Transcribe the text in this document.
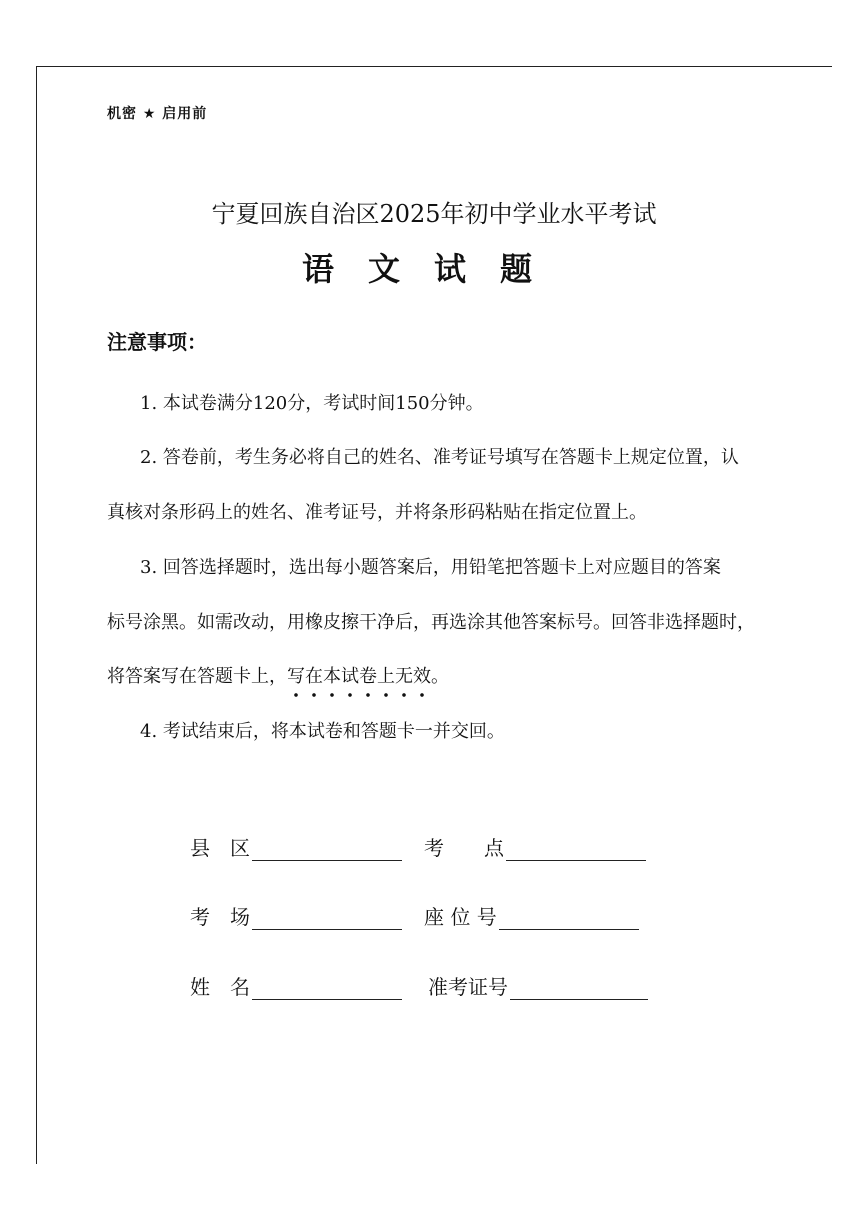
机密 ★ 启用前
宁夏回族自治区2025年初中学业水平考试
语文试题
注意事项：
1. 本试卷满分120分，考试时间150分钟。
2. 答卷前，考生务必将自己的姓名、准考证号填写在答题卡上规定位置，认
真核对条形码上的姓名、准考证号，并将条形码粘贴在指定位置上。
3. 回答选择题时，选出每小题答案后，用铅笔把答题卡上对应题目的答案
标号涂黑。如需改动，用橡皮擦干净后，再选涂其他答案标号。回答非选择题时，
将答案写在答题卡上，写在本试卷上无效。
4. 考试结束后，将本试卷和答题卡一并交回。
县　区	考　　点
考　场	座 位 号
姓　名	准考证号
